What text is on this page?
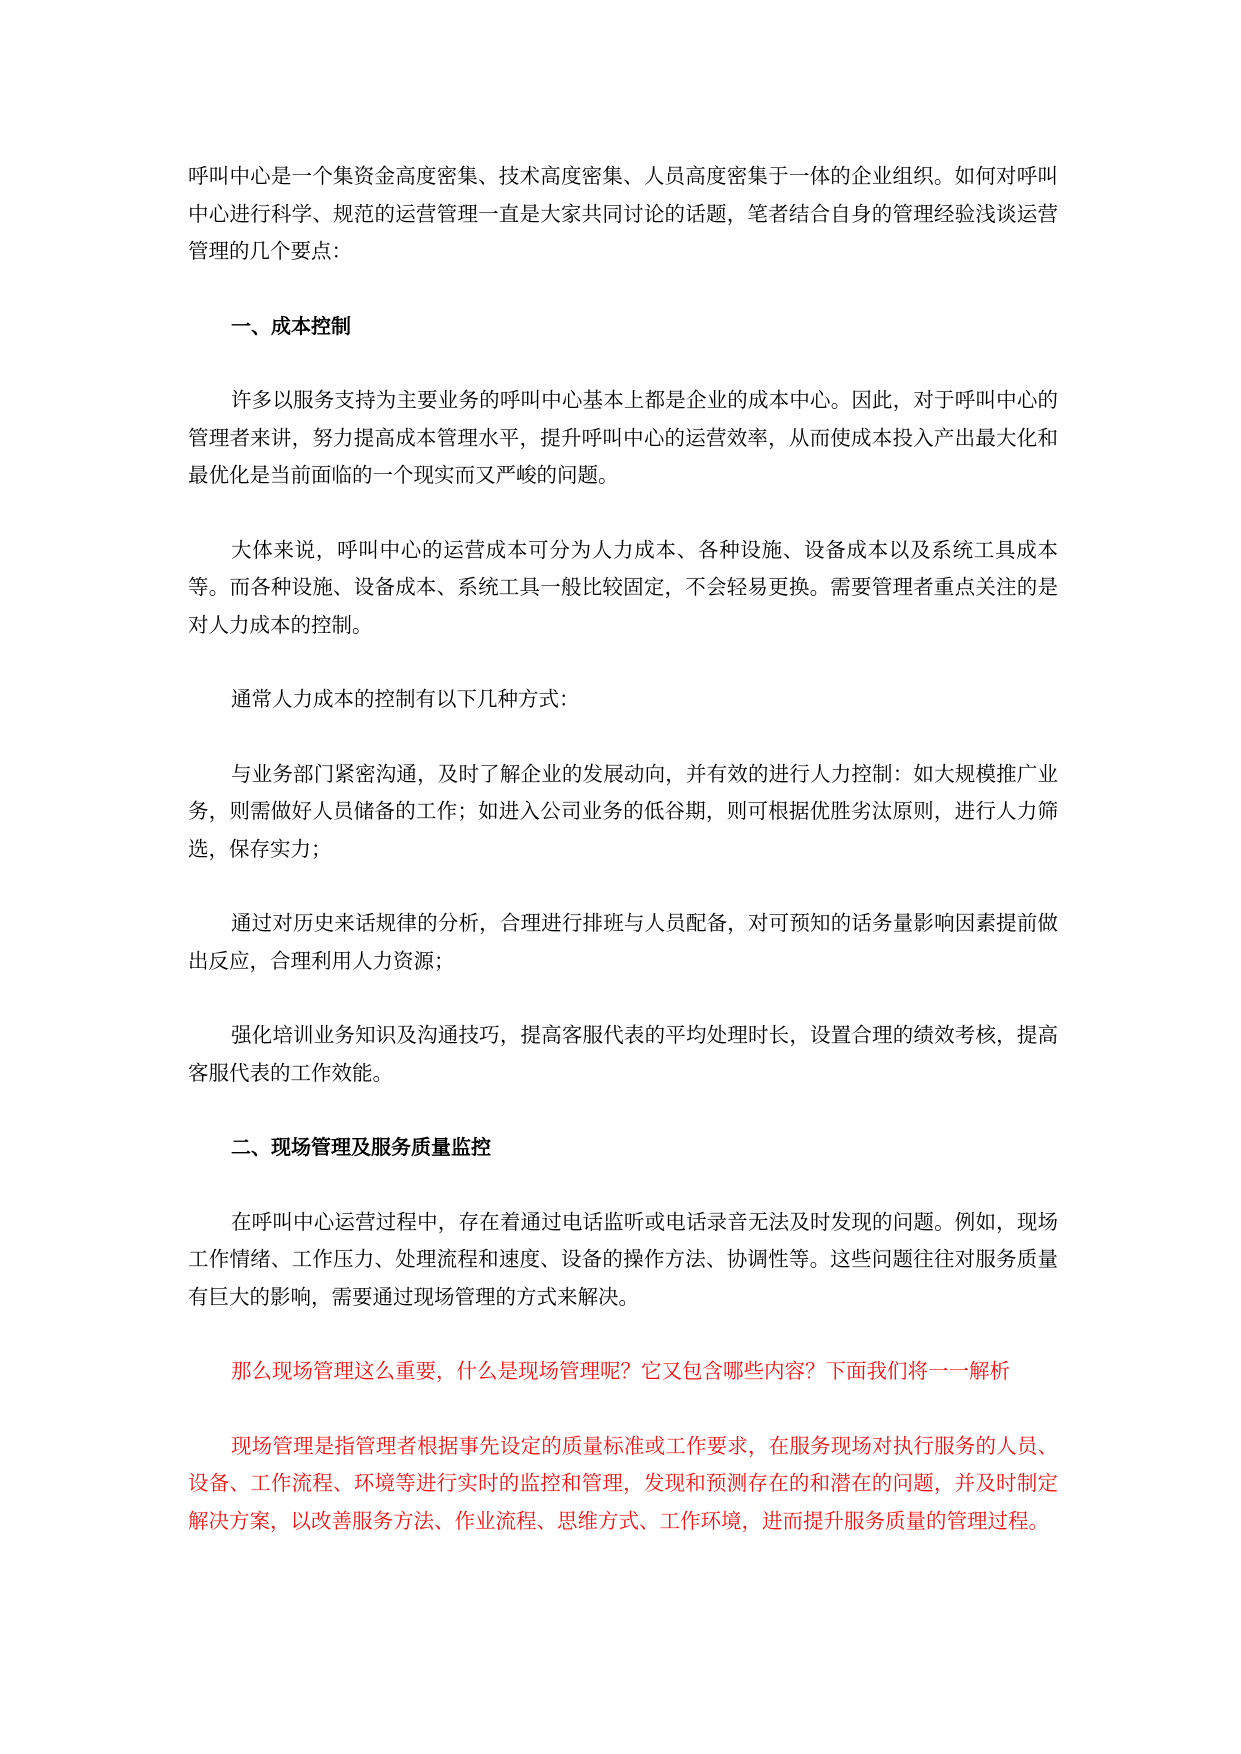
呼叫中心是一个集资金高度密集、技术高度密集、人员高度密集于一体的企业组织。如何对呼叫中心进行科学、规范的运营管理一直是大家共同讨论的话题，笔者结合自身的管理经验浅谈运营管理的几个要点：

一、成本控制

许多以服务支持为主要业务的呼叫中心基本上都是企业的成本中心。因此，对于呼叫中心的管理者来讲，努力提高成本管理水平，提升呼叫中心的运营效率，从而使成本投入产出最大化和最优化是当前面临的一个现实而又严峻的问题。

大体来说，呼叫中心的运营成本可分为人力成本、各种设施、设备成本以及系统工具成本等。而各种设施、设备成本、系统工具一般比较固定，不会轻易更换。需要管理者重点关注的是对人力成本的控制。

通常人力成本的控制有以下几种方式：

与业务部门紧密沟通，及时了解企业的发展动向，并有效的进行人力控制：如大规模推广业务，则需做好人员储备的工作；如进入公司业务的低谷期，则可根据优胜劣汰原则，进行人力筛选，保存实力；

通过对历史来话规律的分析，合理进行排班与人员配备，对可预知的话务量影响因素提前做出反应，合理利用人力资源；

强化培训业务知识及沟通技巧，提高客服代表的平均处理时长，设置合理的绩效考核，提高客服代表的工作效能。

二、现场管理及服务质量监控

在呼叫中心运营过程中，存在着通过电话监听或电话录音无法及时发现的问题。例如，现场工作情绪、工作压力、处理流程和速度、设备的操作方法、协调性等。这些问题往往对服务质量有巨大的影响，需要通过现场管理的方式来解决。

那么现场管理这么重要，什么是现场管理呢？它又包含哪些内容？下面我们将一一解析

现场管理是指管理者根据事先设定的质量标准或工作要求，在服务现场对执行服务的人员、设备、工作流程、环境等进行实时的监控和管理，发现和预测存在的和潜在的问题，并及时制定解决方案，以改善服务方法、作业流程、思维方式、工作环境，进而提升服务质量的管理过程。
